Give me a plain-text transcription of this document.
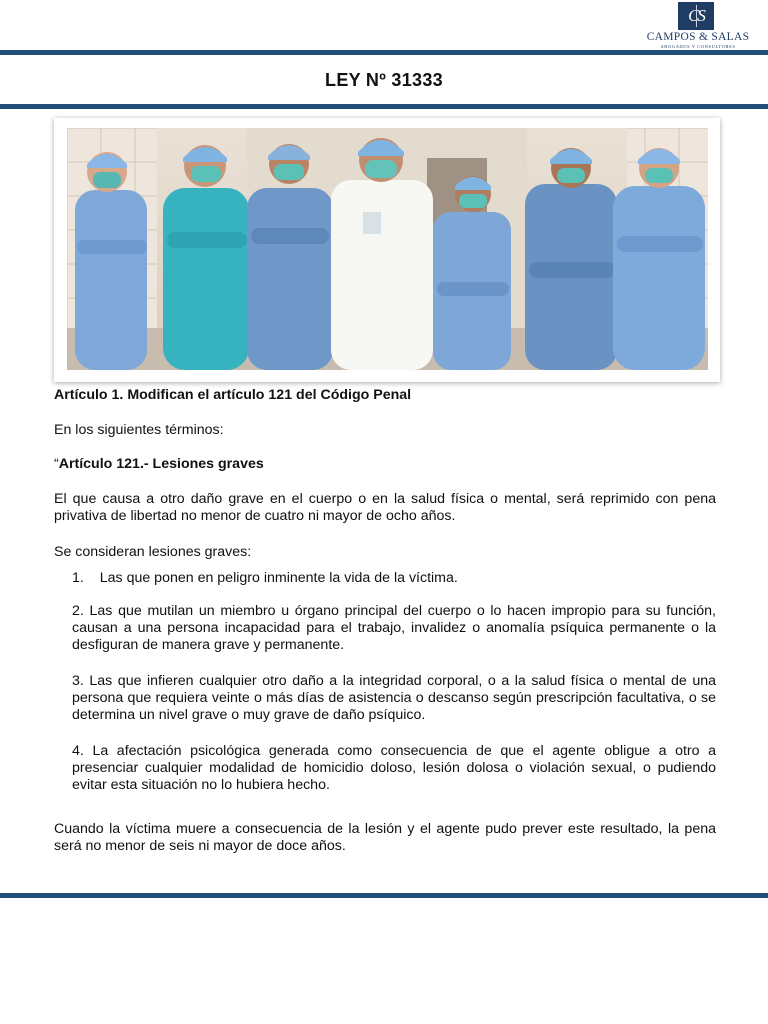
CS
CAMPOS & SALAS
ABOGADOS Y CONSULTORES
LEY Nº 31333
Artículo 1. Modifican el artículo 121 del Código Penal
En los siguientes términos:
“Artículo 121.- Lesiones graves
El que causa a otro daño grave en el cuerpo o en la salud física o mental, será reprimido con pena privativa de libertad no menor de cuatro ni mayor de ocho años.
Se consideran lesiones graves:
1. Las que ponen en peligro inminente la vida de la víctima.
2. Las que mutilan un miembro u órgano principal del cuerpo o lo hacen impropio para su función, causan a una persona incapacidad para el trabajo, invalidez o anomalía psíquica permanente o la desfiguran de manera grave y permanente.
3. Las que infieren cualquier otro daño a la integridad corporal, o a la salud física o mental de una persona que requiera veinte o más días de asistencia o descanso según prescripción facultativa, o se determina un nivel grave o muy grave de daño psíquico.
4. La afectación psicológica generada como consecuencia de que el agente obligue a otro a presenciar cualquier modalidad de homicidio doloso, lesión dolosa o violación sexual, o pudiendo evitar esta situación no lo hubiera hecho.
Cuando la víctima muere a consecuencia de la lesión y el agente pudo prever este resultado, la pena será no menor de seis ni mayor de doce años.
